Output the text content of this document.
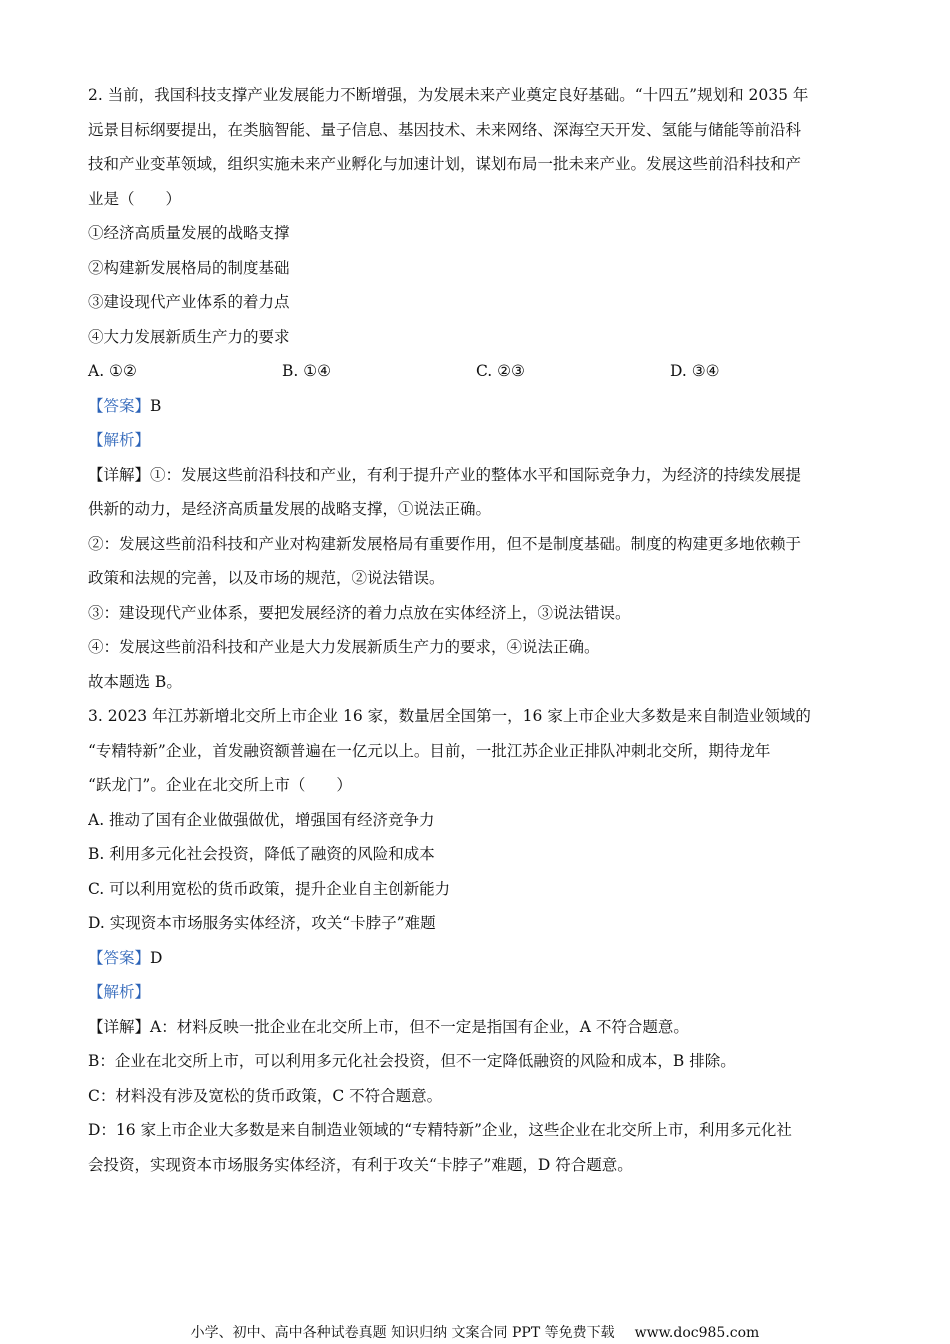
2. 当前，我国科技支撑产业发展能力不断增强，为发展未来产业奠定良好基础。“十四五”规划和 2035 年
远景目标纲要提出，在类脑智能、量子信息、基因技术、未来网络、深海空天开发、氢能与储能等前沿科
技和产业变革领域，组织实施未来产业孵化与加速计划，谋划布局一批未来产业。发展这些前沿科技和产
业是（　　）
①经济高质量发展的战略支撑
②构建新发展格局的制度基础
③建设现代产业体系的着力点
④大力发展新质生产力的要求
A. ①②	B. ①④	C. ②③	D. ③④
【答案】B
【解析】
【详解】①：发展这些前沿科技和产业，有利于提升产业的整体水平和国际竞争力，为经济的持续发展提
供新的动力，是经济高质量发展的战略支撑，①说法正确。
②：发展这些前沿科技和产业对构建新发展格局有重要作用，但不是制度基础。制度的构建更多地依赖于
政策和法规的完善，以及市场的规范，②说法错误。
③：建设现代产业体系，要把发展经济的着力点放在实体经济上，③说法错误。
④：发展这些前沿科技和产业是大力发展新质生产力的要求，④说法正确。
故本题选 B。
3. 2023 年江苏新增北交所上市企业 16 家，数量居全国第一，16 家上市企业大多数是来自制造业领域的
“专精特新”企业，首发融资额普遍在一亿元以上。目前，一批江苏企业正排队冲刺北交所，期待龙年
“跃龙门”。企业在北交所上市（　　）
A. 推动了国有企业做强做优，增强国有经济竞争力
B. 利用多元化社会投资，降低了融资的风险和成本
C. 可以利用宽松的货币政策，提升企业自主创新能力
D. 实现资本市场服务实体经济，攻关“卡脖子”难题
【答案】D
【解析】
【详解】A：材料反映一批企业在北交所上市，但不一定是指国有企业，A 不符合题意。
B：企业在北交所上市，可以利用多元化社会投资，但不一定降低融资的风险和成本，B 排除。
C：材料没有涉及宽松的货币政策，C 不符合题意。
D：16 家上市企业大多数是来自制造业领域的“专精特新”企业，这些企业在北交所上市，利用多元化社
会投资，实现资本市场服务实体经济，有利于攻关“卡脖子”难题，D 符合题意。
小学、初中、高中各种试卷真题 知识归纳 文案合同 PPT 等免费下载 www.doc985.com
